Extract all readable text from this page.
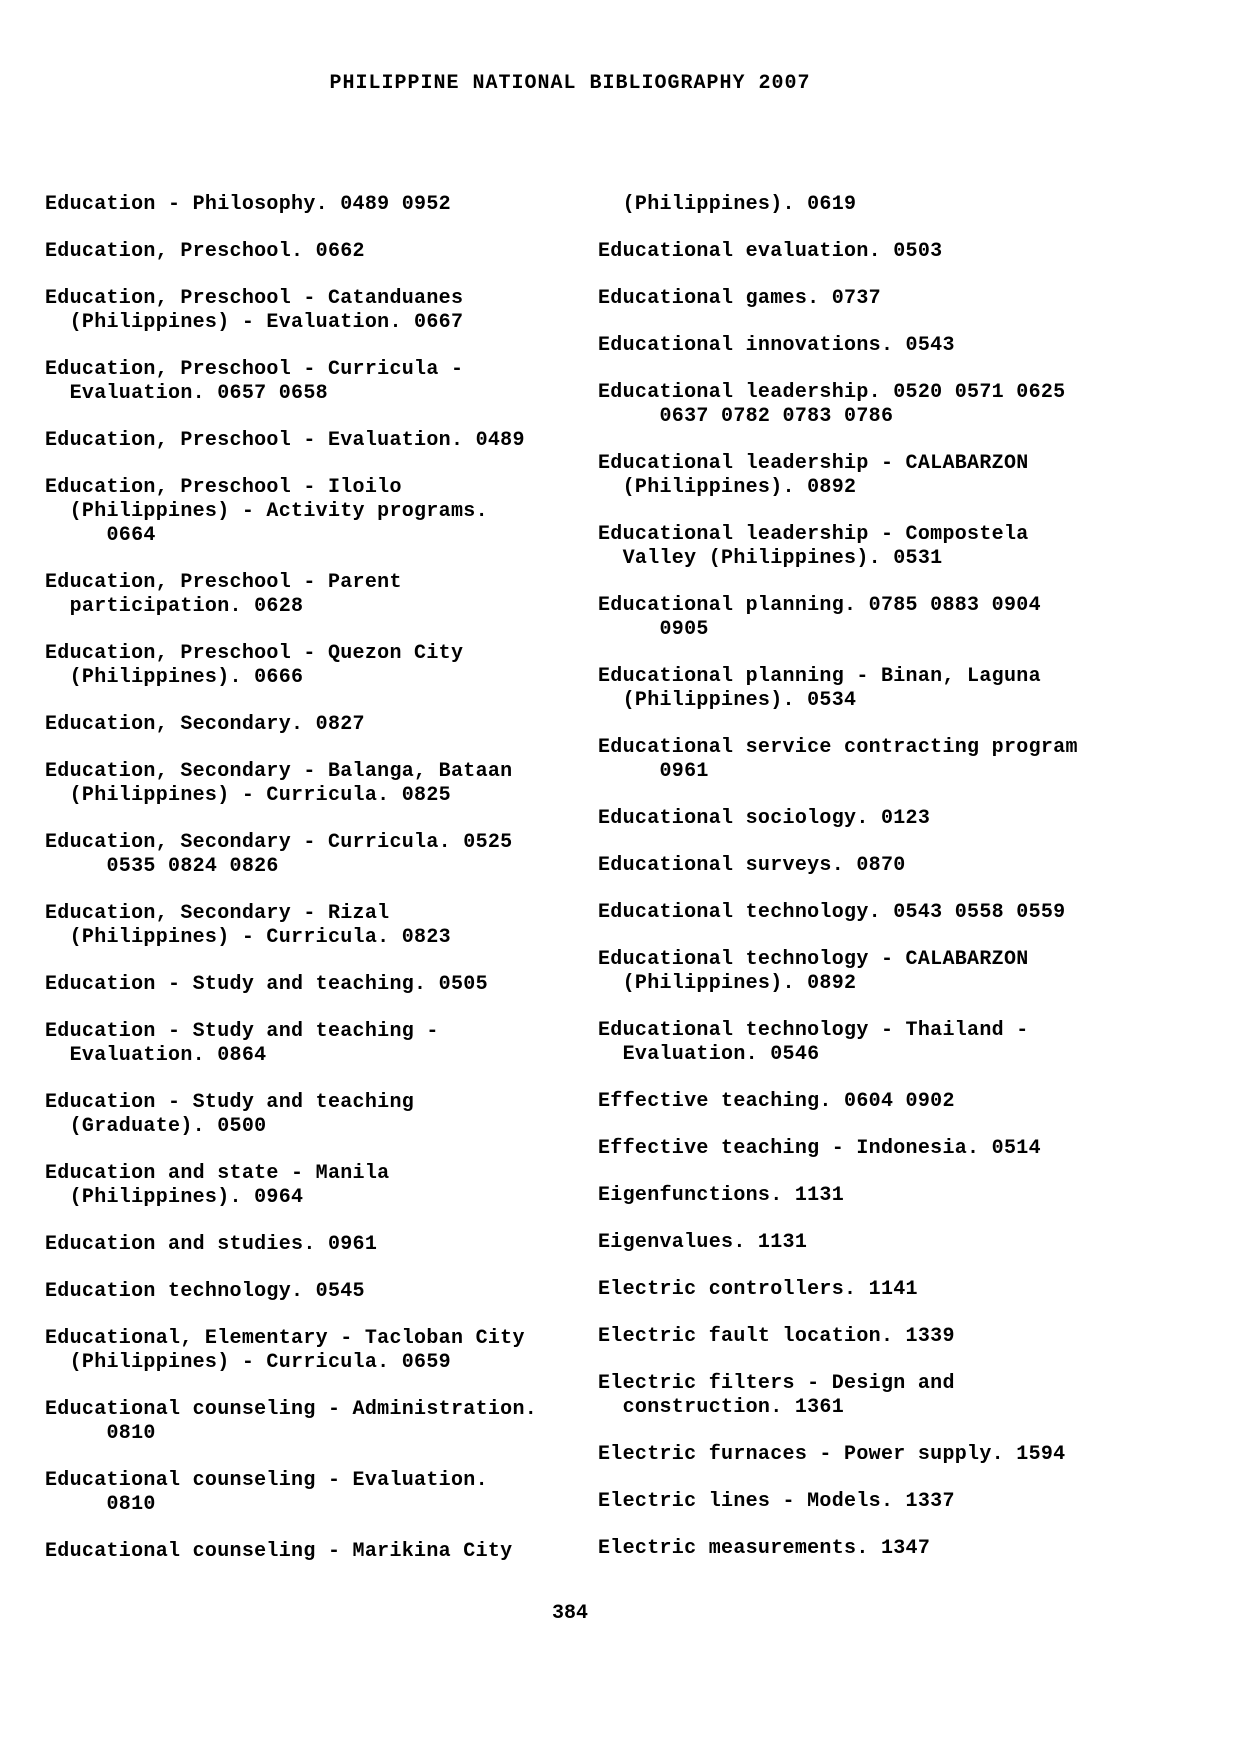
PHILIPPINE NATIONAL BIBLIOGRAPHY 2007
Education - Philosophy. 0489 0952
Education, Preschool. 0662
Education, Preschool - Catanduanes
(Philippines) - Evaluation. 0667
Education, Preschool - Curricula -
Evaluation. 0657 0658
Education, Preschool - Evaluation. 0489
Education, Preschool - Iloilo
(Philippines) - Activity programs.
0664
Education, Preschool - Parent
participation. 0628
Education, Preschool - Quezon City
(Philippines). 0666
Education, Secondary. 0827
Education, Secondary - Balanga, Bataan
(Philippines) - Curricula. 0825
Education, Secondary - Curricula. 0525
0535 0824 0826
Education, Secondary - Rizal
(Philippines) - Curricula. 0823
Education - Study and teaching. 0505
Education - Study and teaching -
Evaluation. 0864
Education - Study and teaching
(Graduate). 0500
Education and state - Manila
(Philippines). 0964
Education and studies. 0961
Education technology. 0545
Educational, Elementary - Tacloban City
(Philippines) - Curricula. 0659
Educational counseling - Administration.
0810
Educational counseling - Evaluation.
0810
Educational counseling - Marikina City
(Philippines). 0619
Educational evaluation. 0503
Educational games. 0737
Educational innovations. 0543
Educational leadership. 0520 0571 0625
0637 0782 0783 0786
Educational leadership - CALABARZON
(Philippines). 0892
Educational leadership - Compostela
Valley (Philippines). 0531
Educational planning. 0785 0883 0904
0905
Educational planning - Binan, Laguna
(Philippines). 0534
Educational service contracting program
0961
Educational sociology. 0123
Educational surveys. 0870
Educational technology. 0543 0558 0559
Educational technology - CALABARZON
(Philippines). 0892
Educational technology - Thailand -
Evaluation. 0546
Effective teaching. 0604 0902
Effective teaching - Indonesia. 0514
Eigenfunctions. 1131
Eigenvalues. 1131
Electric controllers. 1141
Electric fault location. 1339
Electric filters - Design and
construction. 1361
Electric furnaces - Power supply. 1594
Electric lines - Models. 1337
Electric measurements. 1347
384
